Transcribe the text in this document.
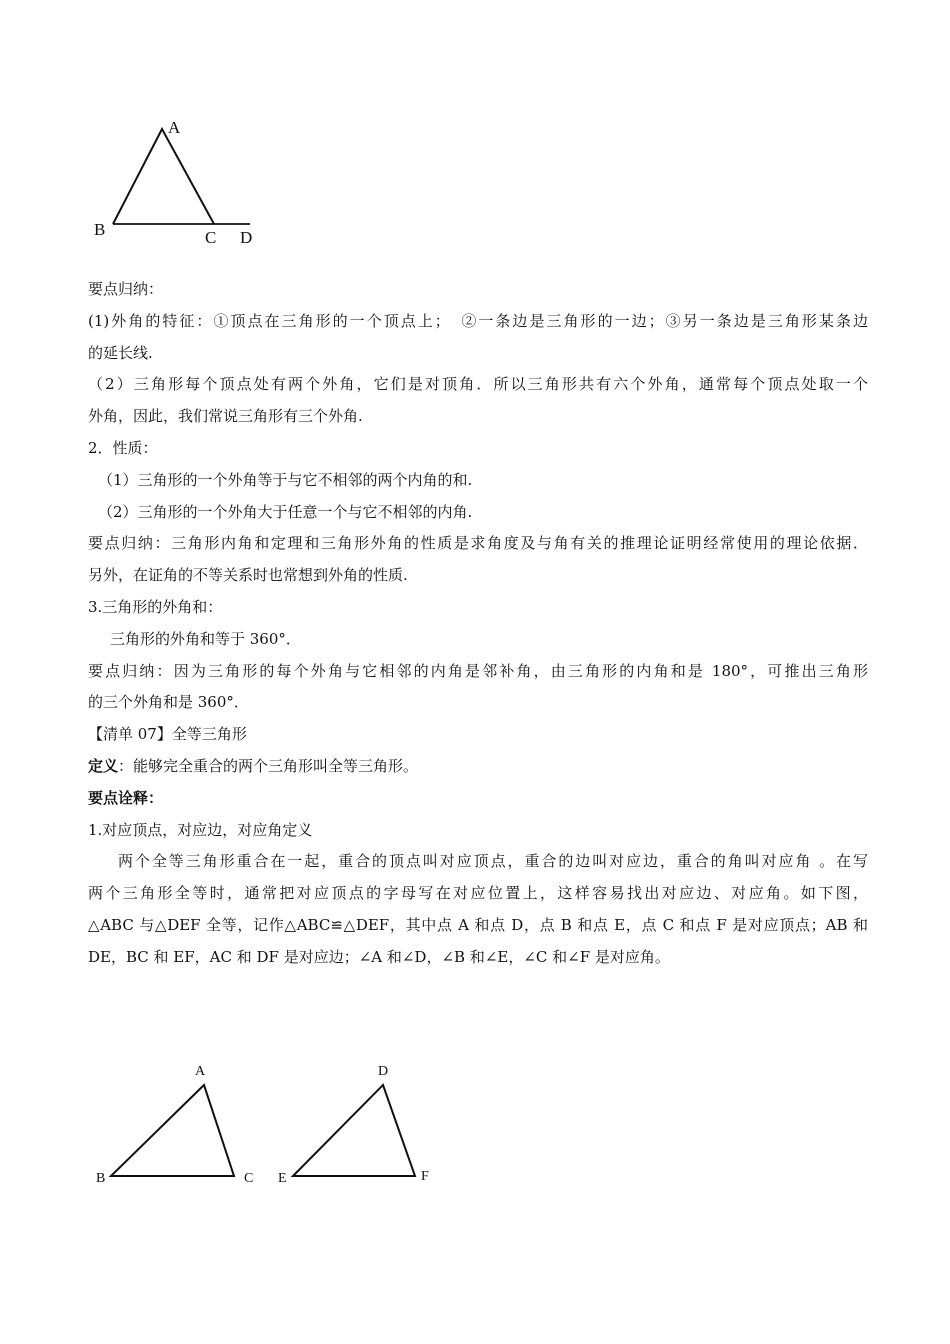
A
B	C D
要点归纳：
(1)外角的特征：①顶点在三角形的一个顶点上；　②一条边是三角形的一边；③另一条边是三角形某条边
的延长线.
（2）三角形每个顶点处有两个外角，它们是对顶角．所以三角形共有六个外角，通常每个顶点处取一个
外角，因此，我们常说三角形有三个外角.
2．性质：
（1）三角形的一个外角等于与它不相邻的两个内角的和.
（2）三角形的一个外角大于任意一个与它不相邻的内角.
要点归纳：三角形内角和定理和三角形外角的性质是求角度及与角有关的推理论证明经常使用的理论依据．
另外，在证角的不等关系时也常想到外角的性质.
3.三角形的外角和：
三角形的外角和等于 360°．
要点归纳：因为三角形的每个外角与它相邻的内角是邻补角，由三角形的内角和是 180°，可推出三角形
的三个外角和是 360°．
【清单 07】全等三角形
定义：能够完全重合的两个三角形叫全等三角形。
要点诠释：
1.对应顶点，对应边，对应角定义
两个全等三角形重合在一起，重合的顶点叫对应顶点，重合的边叫对应边，重合的角叫对应角 。在写
两个三角形全等时，通常把对应顶点的字母写在对应位置上，这样容易找出对应边、对应角。如下图，
△ABC 与△DEF 全等，记作△ABC≌△DEF，其中点 A 和点 D，点 B 和点 E，点 C 和点 F 是对应顶点；AB 和
DE，BC 和 EF，AC 和 DF 是对应边；∠A 和∠D，∠B 和∠E，∠C 和∠F 是对应角。
A
B	C
D
E	F
